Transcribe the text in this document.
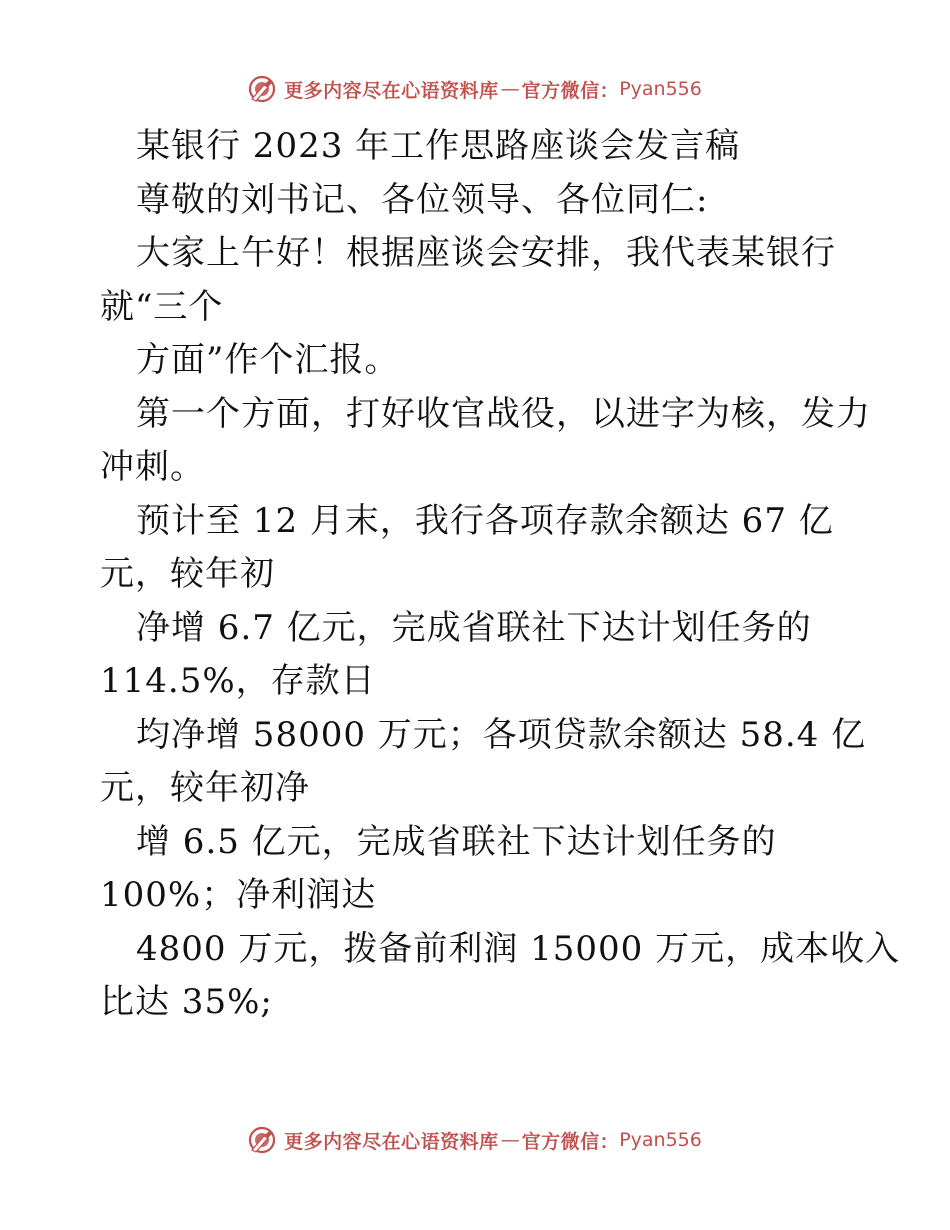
更多内容尽在心语资料库 — 官方微信： Pyan556
某银行 2023 年工作思路座谈会发言稿
尊敬的刘书记、各位领导、各位同仁:
大家上午好！根据座谈会安排，我代表某银行
就“三个
方面”作个汇报。
第一个方面，打好收官战役，以进字为核，发力
冲刺。
预计至 12 月末，我行各项存款余额达 67 亿
元，较年初
净增 6.7 亿元，完成省联社下达计划任务的
114.5%，存款日
均净增 58000 万元；各项贷款余额达 58.4 亿
元，较年初净
增 6.5 亿元，完成省联社下达计划任务的
100%；净利润达
4800 万元，拨备前利润 15000 万元，成本收入
比达 35%;
更多内容尽在心语资料库 — 官方微信： Pyan556
